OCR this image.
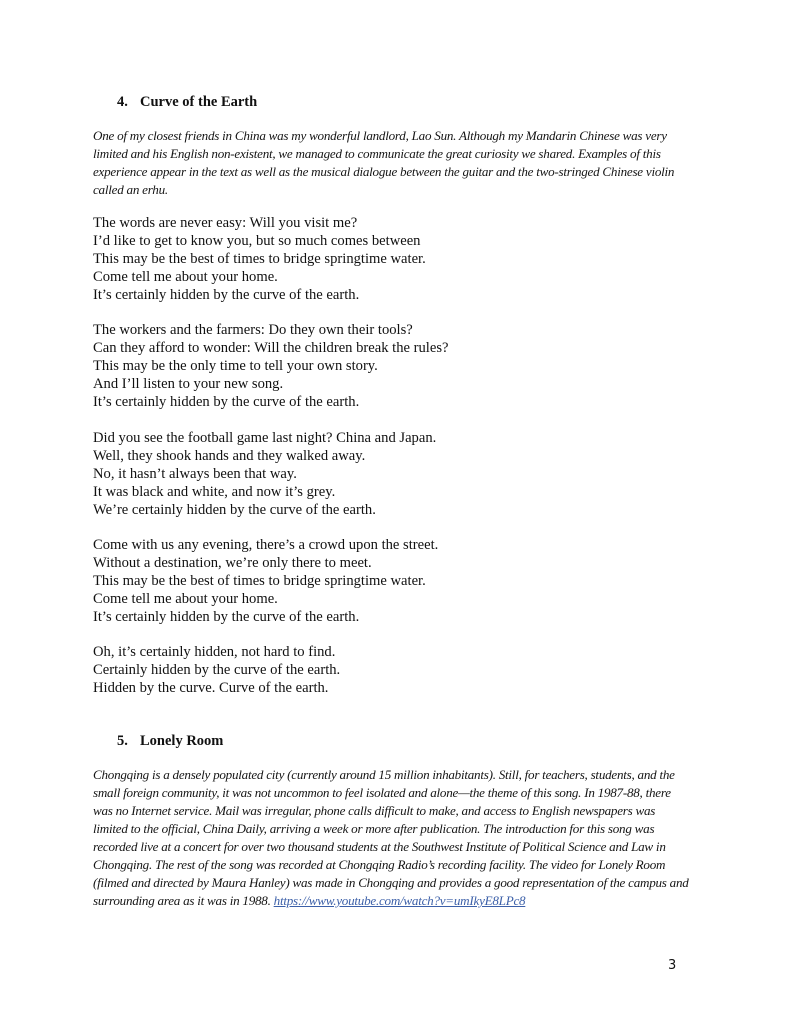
4. Curve of the Earth
One of my closest friends in China was my wonderful landlord, Lao Sun. Although my Mandarin Chinese was very
limited and his English non-existent, we managed to communicate the great curiosity we shared. Examples of this
experience appear in the text as well as the musical dialogue between the guitar and the two-stringed Chinese violin
called an erhu.
The words are never easy: Will you visit me?
I’d like to get to know you, but so much comes between
This may be the best of times to bridge springtime water.
Come tell me about your home.
It’s certainly hidden by the curve of the earth.
The workers and the farmers: Do they own their tools?
Can they afford to wonder: Will the children break the rules?
This may be the only time to tell your own story.
And I’ll listen to your new song.
It’s certainly hidden by the curve of the earth.
Did you see the football game last night? China and Japan.
Well, they shook hands and they walked away.
No, it hasn’t always been that way.
It was black and white, and now it’s grey.
We’re certainly hidden by the curve of the earth.
Come with us any evening, there’s a crowd upon the street.
Without a destination, we’re only there to meet.
This may be the best of times to bridge springtime water.
Come tell me about your home.
It’s certainly hidden by the curve of the earth.
Oh, it’s certainly hidden, not hard to find.
Certainly hidden by the curve of the earth.
Hidden by the curve. Curve of the earth.
5. Lonely Room
Chongqing is a densely populated city (currently around 15 million inhabitants). Still, for teachers, students, and the
small foreign community, it was not uncommon to feel isolated and alone—the theme of this song. In 1987-88, there
was no Internet service. Mail was irregular, phone calls difficult to make, and access to English newspapers was
limited to the official, China Daily, arriving a week or more after publication. The introduction for this song was
recorded live at a concert for over two thousand students at the Southwest Institute of Political Science and Law in
Chongqing. The rest of the song was recorded at Chongqing Radio’s recording facility. The video for Lonely Room
(filmed and directed by Maura Hanley) was made in Chongqing and provides a good representation of the campus and
surrounding area as it was in 1988. https://www.youtube.com/watch?v=umIkyE8LPc8
3
